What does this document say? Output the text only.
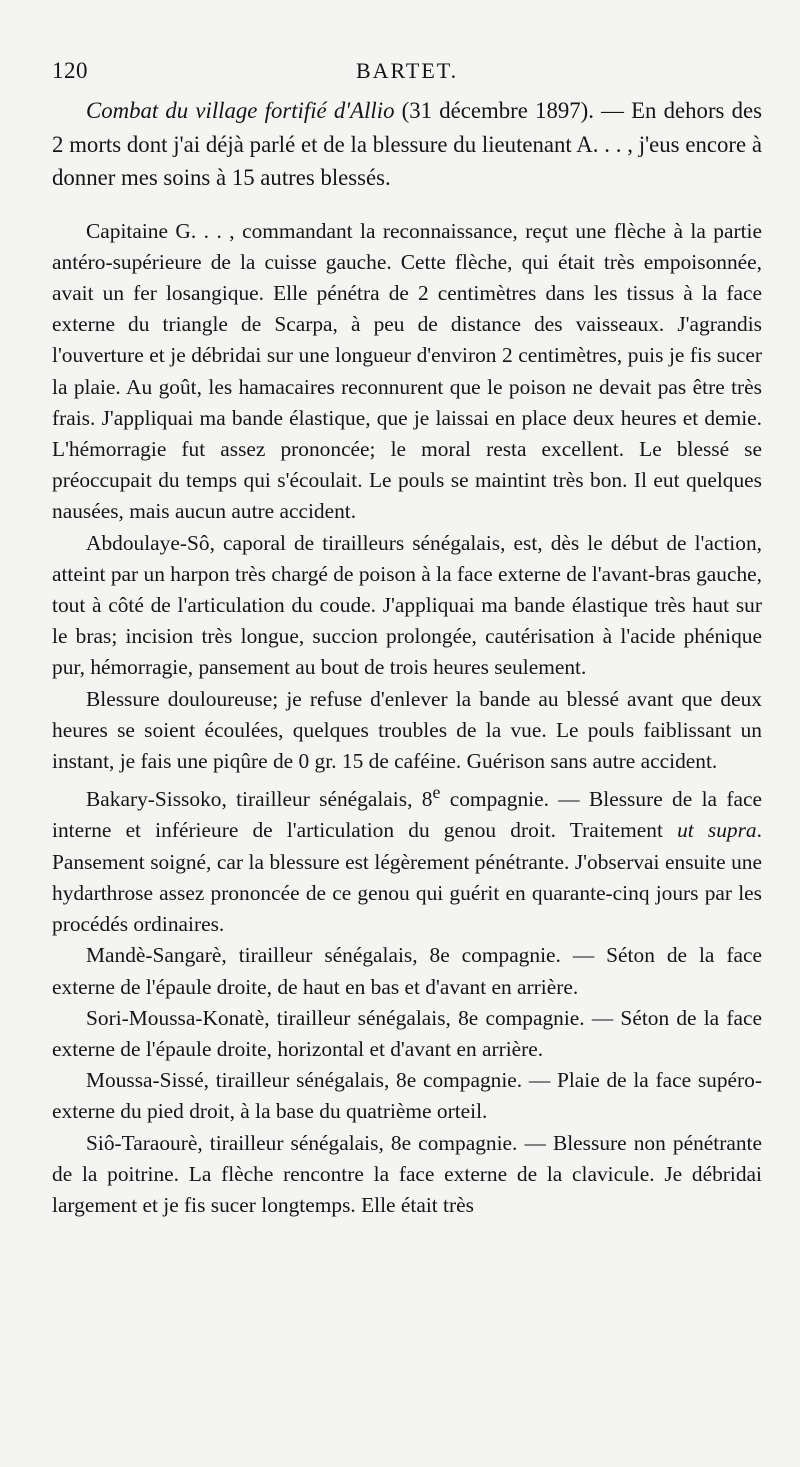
120	BARTET.

Combat du village fortifié d'Allio (31 décembre 1897). — En dehors des 2 morts dont j'ai déjà parlé et de la blessure du lieutenant A. . . , j'eus encore à donner mes soins à 15 autres blessés.

Capitaine G. . . , commandant la reconnaissance, reçut une flèche à la partie antéro-supérieure de la cuisse gauche. Cette flèche, qui était très empoisonnée, avait un fer losangique. Elle pénétra de 2 centimètres dans les tissus à la face externe du triangle de Scarpa, à peu de distance des vaisseaux. J'agrandis l'ouverture et je débridai sur une longueur d'environ 2 centimètres, puis je fis sucer la plaie. Au goût, les hamacaires reconnurent que le poison ne devait pas être très frais. J'appliquai ma bande élastique, que je laissai en place deux heures et demie. L'hémorragie fut assez prononcée; le moral resta excellent. Le blessé se préoccupait du temps qui s'écoulait. Le pouls se maintint très bon. Il eut quelques nausées, mais aucun autre accident.

Abdoulaye-Sô, caporal de tirailleurs sénégalais, est, dès le début de l'action, atteint par un harpon très chargé de poison à la face externe de l'avant-bras gauche, tout à côté de l'articulation du coude. J'appliquai ma bande élastique très haut sur le bras; incision très longue, succion prolongée, cautérisation à l'acide phénique pur, hémorragie, pansement au bout de trois heures seulement.

Blessure douloureuse; je refuse d'enlever la bande au blessé avant que deux heures se soient écoulées, quelques troubles de la vue. Le pouls faiblissant un instant, je fais une piqûre de 0 gr. 15 de caféine. Guérison sans autre accident.

Bakary-Sissoko, tirailleur sénégalais, 8e compagnie. — Blessure de la face interne et inférieure de l'articulation du genou droit. Traitement ut supra. Pansement soigné, car la blessure est légèrement pénétrante. J'observai ensuite une hydarthrose assez prononcée de ce genou qui guérit en quarante-cinq jours par les procédés ordinaires.

Mandè-Sangarè, tirailleur sénégalais, 8e compagnie. — Séton de la face externe de l'épaule droite, de haut en bas et d'avant en arrière.

Sori-Moussa-Konatè, tirailleur sénégalais, 8e compagnie. — Séton de la face externe de l'épaule droite, horizontal et d'avant en arrière.

Moussa-Sissé, tirailleur sénégalais, 8e compagnie. — Plaie de la face supéro-externe du pied droit, à la base du quatrième orteil.

Siô-Taraourè, tirailleur sénégalais, 8e compagnie. — Blessure non pénétrante de la poitrine. La flèche rencontre la face externe de la clavicule. Je débridai largement et je fis sucer longtemps. Elle était très
